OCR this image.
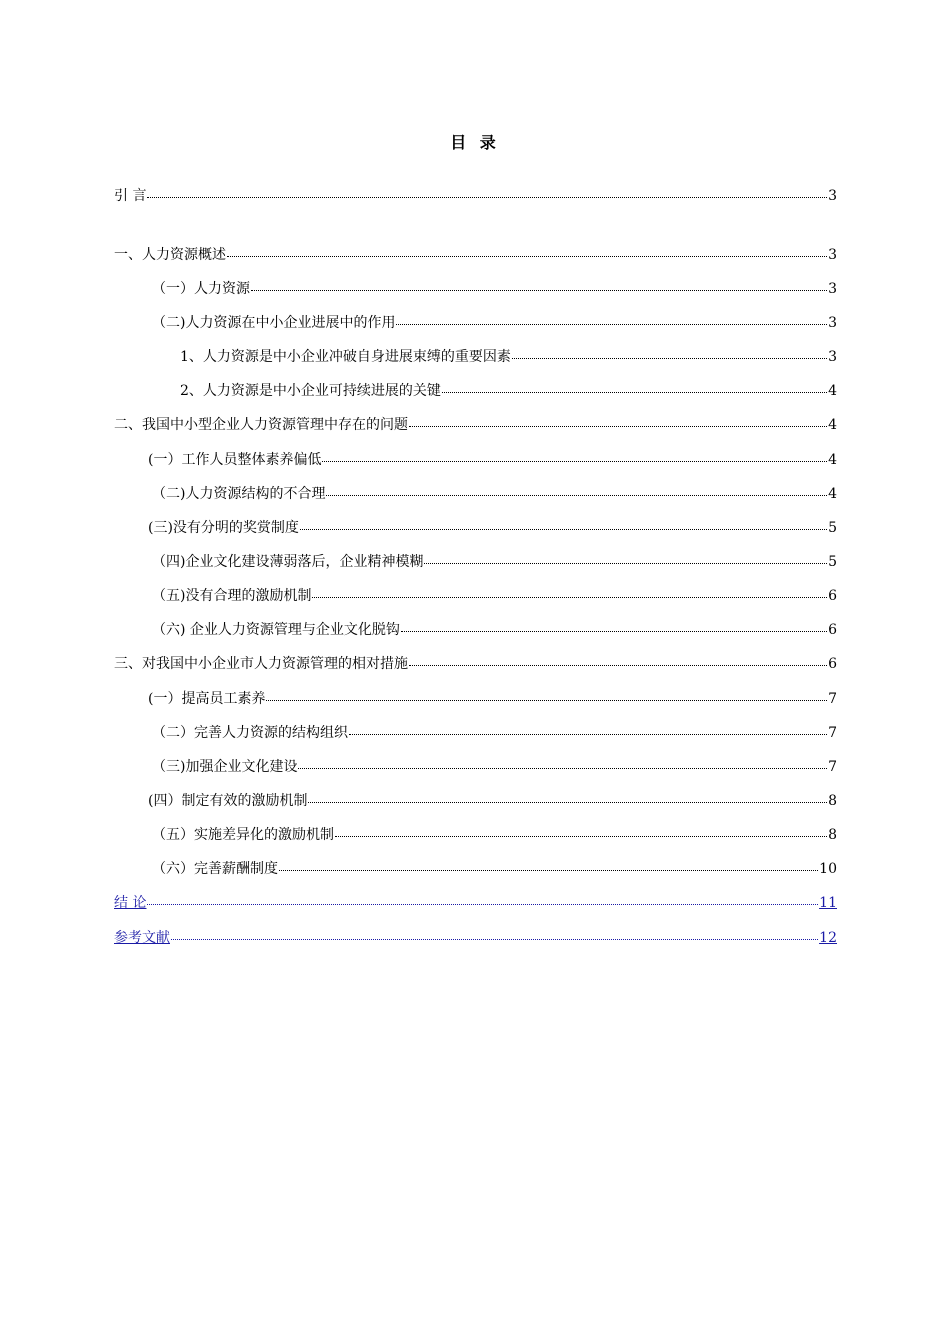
目 录
引 言	3
一、人力资源概述	3
（一）人力资源	3
（二)人力资源在中小企业进展中的作用	3
1、人力资源是中小企业冲破自身进展束缚的重要因素	3
2、人力资源是中小企业可持续进展的关键	4
二、我国中小型企业人力资源管理中存在的问题	4
(一）工作人员整体素养偏低	4
（二)人力资源结构的不合理	4
(三)没有分明的奖赏制度	5
（四)企业文化建设薄弱落后，企业精神模糊	5
（五)没有合理的激励机制	6
（六) 企业人力资源管理与企业文化脱钩	6
三、对我国中小企业市人力资源管理的相对措施	6
(一）提高员工素养	7
（二）完善人力资源的结构组织	7
（三)加强企业文化建设	7
(四）制定有效的激励机制	8
（五）实施差异化的激励机制	8
（六）完善薪酬制度	10
结 论	11
参考文献	12
